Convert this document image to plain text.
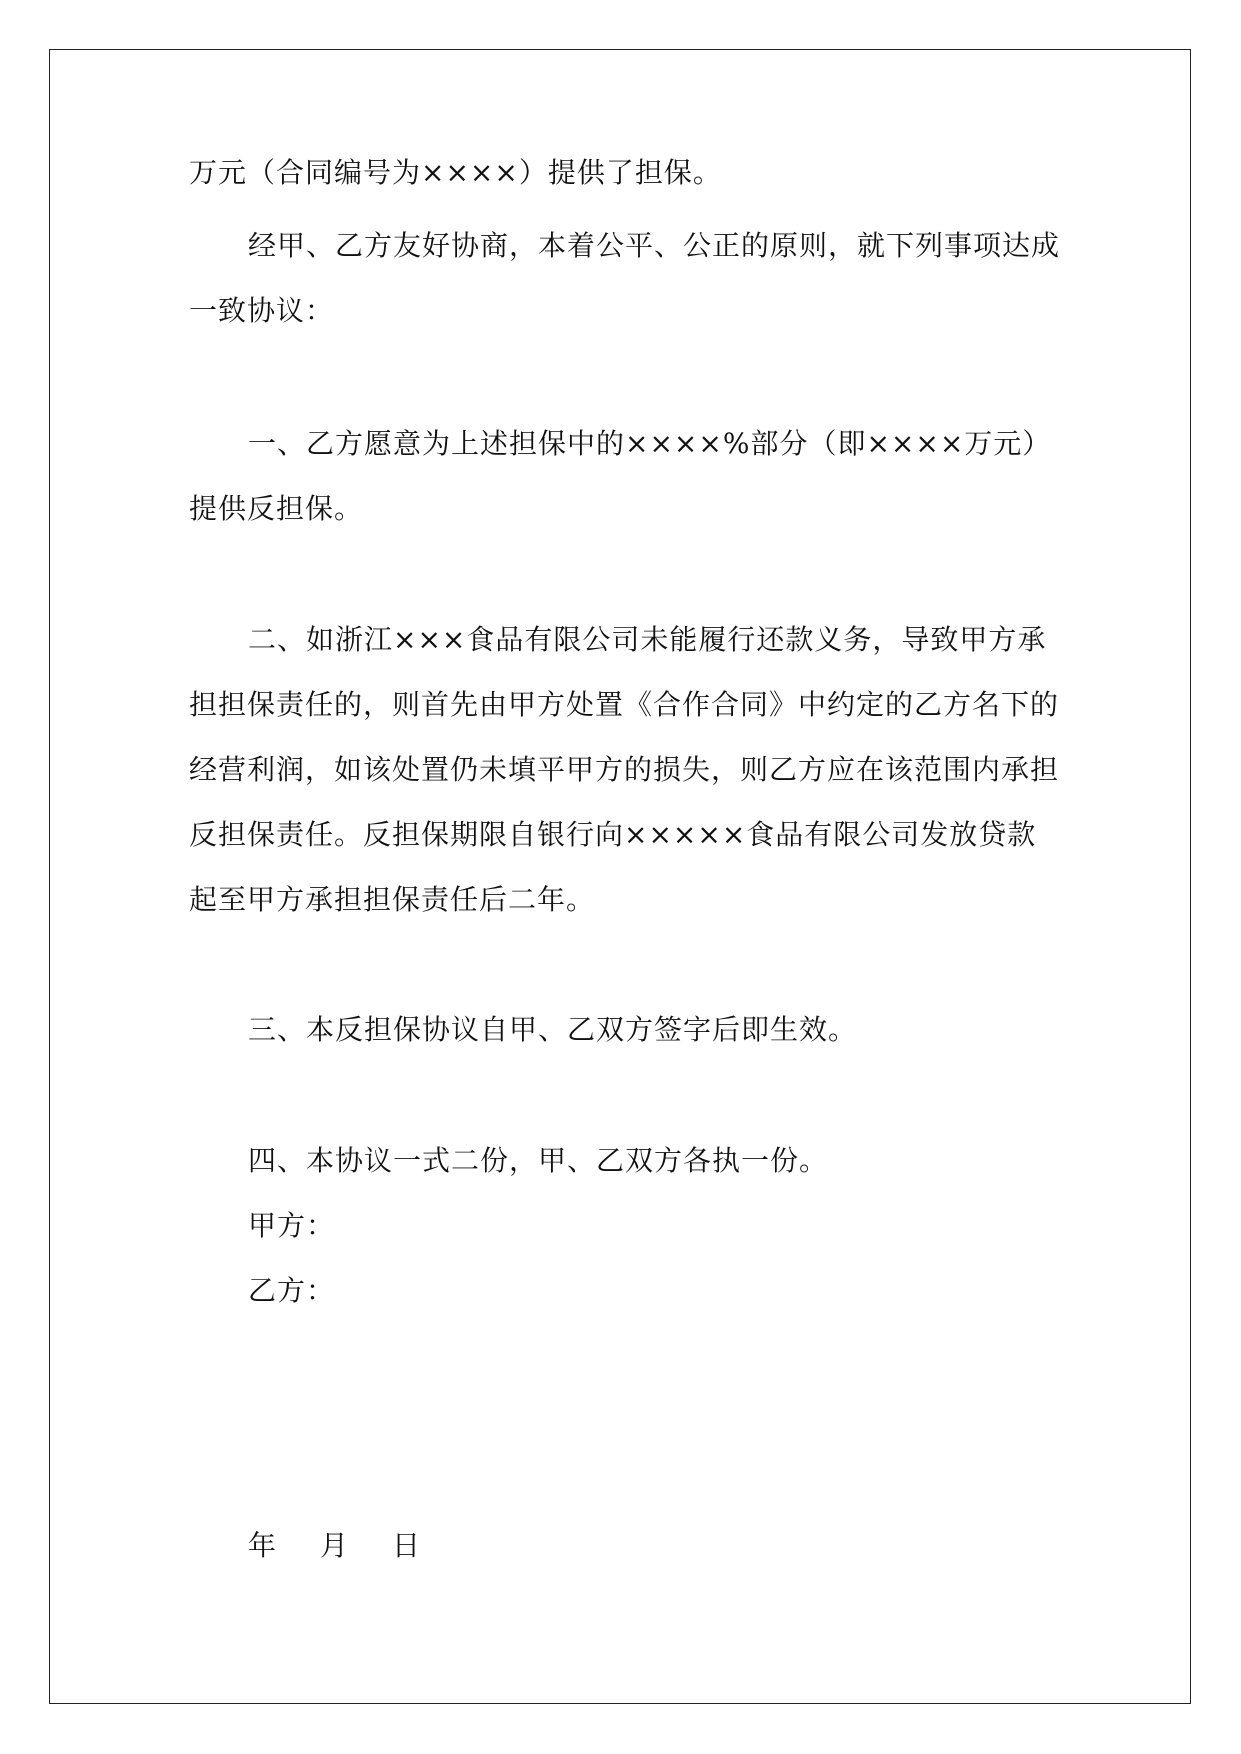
万元（合同编号为××××）提供了担保。

经甲、乙方友好协商，本着公平、公正的原则，就下列事项达成

一致协议：

一、乙方愿意为上述担保中的××××%部分（即××××万元）

提供反担保。

二、如浙江×××食品有限公司未能履行还款义务，导致甲方承

担担保责任的，则首先由甲方处置《合作合同》中约定的乙方名下的

经营利润，如该处置仍未填平甲方的损失，则乙方应在该范围内承担

反担保责任。反担保期限自银行向×××××食品有限公司发放贷款

起至甲方承担担保责任后二年。

三、本反担保协议自甲、乙双方签字后即生效。

四、本协议一式二份，甲、乙双方各执一份。

甲方：

乙方：

年 月 日
